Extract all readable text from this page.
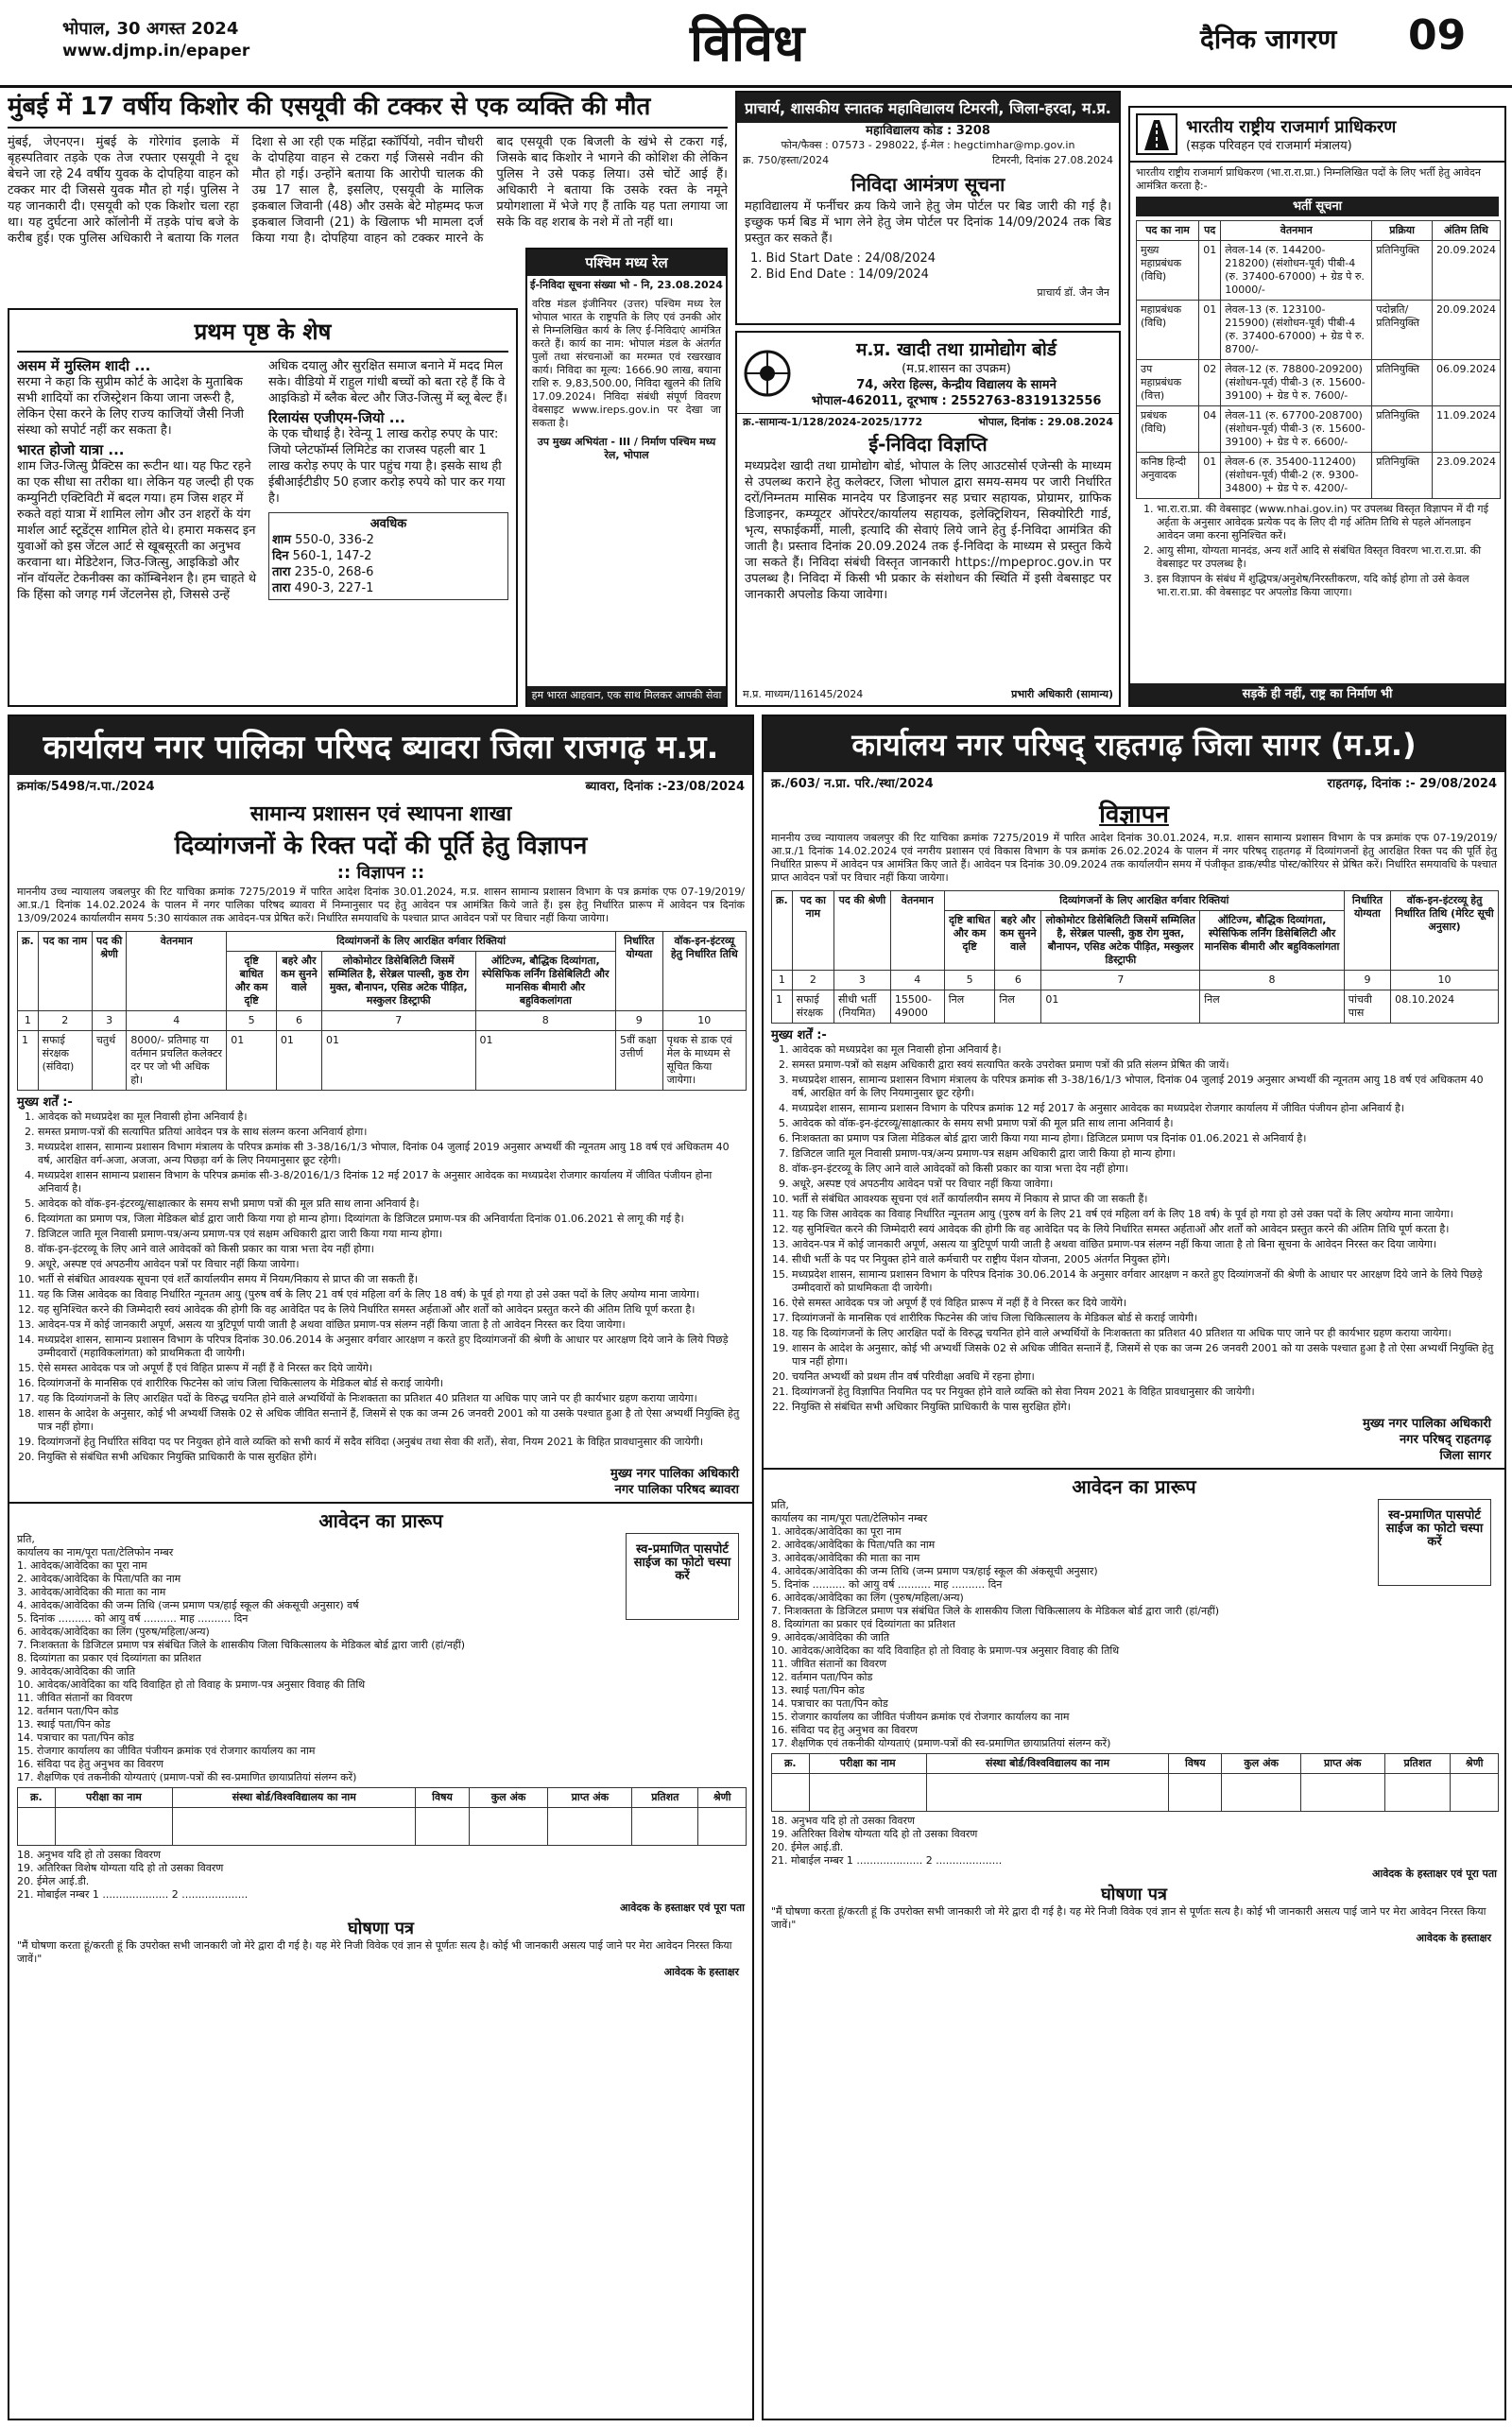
भोपाल, 30 अगस्त 2024
www.djmp.in/epaper	विविध	दैनिक जागरण 09
मुंबई में 17 वर्षीय किशोर की एसयूवी की टक्कर से एक व्यक्ति की मौत
मुंबई, जेएनएन। मुंबई के गोरेगांव इलाके में बृहस्पतिवार तड़के एक तेज रफ्तार एसयूवी ने दूध बेचने जा रहे 24 वर्षीय युवक के दोपहिया वाहन को टक्कर मार दी जिससे युवक मौत हो गई। पुलिस ने यह जानकारी दी। एसयूवी को एक किशोर चला रहा था। यह दुर्घटना आरे कॉलोनी में तड़के पांच बजे के करीब हुई। एक पुलिस अधिकारी ने बताया कि गलत दिशा से आ रही एक महिंद्रा स्कॉर्पियो, नवीन चौधरी के दोपहिया वाहन से टकरा गई जिससे नवीन की मौत हो गई। उन्होंने बताया कि आरोपी चालक की उम्र 17 साल है, इसलिए, एसयूवी के मालिक इकबाल जिवानी (48) और उसके बेटे मोहम्मद फज इकबाल जिवानी (21) के खिलाफ भी मामला दर्ज किया गया है। दोपहिया वाहन को टक्कर मारने के बाद एसयूवी एक बिजली के खंभे से टकरा गई, जिसके बाद किशोर ने भागने की कोशिश की लेकिन पुलिस ने उसे पकड़ लिया। उसे चोटें आई हैं। अधिकारी ने बताया कि उसके रक्त के नमूने प्रयोगशाला में भेजे गए हैं ताकि यह पता लगाया जा सके कि वह शराब के नशे में तो नहीं था।
प्रथम पृष्ठ के शेष
असम में मुस्लिम शादी ...
सरमा ने कहा कि सुप्रीम कोर्ट के आदेश के मुताबिक सभी शादियों का रजिस्ट्रेशन किया जाना जरूरी है, लेकिन ऐसा करने के लिए राज्य काजियों जैसी निजी संस्था को सपोर्ट नहीं कर सकता है।
भारत होजो यात्रा ...
शाम जिउ-जित्सु प्रैक्टिस का रूटीन था। यह फिट रहने का एक सीधा सा तरीका था। लेकिन यह जल्दी ही एक कम्युनिटी एक्टिविटी में बदल गया। हम जिस शहर में रुकते वहां यात्रा में शामिल लोग और उन शहरों के यंग मार्शल आर्ट स्टूडेंट्स शामिल होते थे। हमारा मकसद इन युवाओं को इस जेंटल आर्ट से खूबसूरती का अनुभव करवाना था। मेडिटेशन, जिउ-जित्सु, आइकिडो और नॉन वॉयलेंट टेकनीक्स का कॉम्बिनेशन है। हम चाहते थे कि हिंसा को जगह गर्म जेंटलनेस हो, जिससे उन्हें अधिक दयालु और सुरक्षित समाज बनाने में मदद मिल सके। वीडियो में राहुल गांधी बच्चों को बता रहे हैं कि वे आइकिडो में ब्लैक बेल्ट और जिउ-जित्सु में ब्लू बेल्ट हैं।
रिलायंस एजीएम-जियो ...
के एक चौथाई है। रेवेन्यू 1 लाख करोड़ रुपए के पार: जियो प्लेटफॉर्म्स लिमिटेड का राजस्व पहली बार 1 लाख करोड़ रुपए के पार पहुंच गया है। इसके साथ ही ईबीआईटीडीए 50 हजार करोड़ रुपये को पार कर गया है।
अवधिक
शाम 550-0, 336-2
दिन 560-1, 147-2
तारा 235-0, 268-6
तारा 490-3, 227-1
पश्चिम मध्य रेल
ई-निविदा सूचना संख्या भो - नि, 23.08.2024
वरिष्ठ मंडल इंजीनियर (उत्तर) पश्चिम मध्य रेल भोपाल भारत के राष्ट्रपति के लिए एवं उनकी ओर से निम्नलिखित कार्य के लिए ई-निविदाएं आमंत्रित करते हैं। कार्य का नाम: भोपाल मंडल के अंतर्गत पुलों तथा संरचनाओं का मरम्मत एवं रखरखाव कार्य। निविदा का मूल्य: 1666.90 लाख, बयाना राशि रु. 9,83,500.00, निविदा खुलने की तिथि 17.09.2024। निविदा संबंधी संपूर्ण विवरण वेबसाइट www.ireps.gov.in पर देखा जा सकता है।
उप मुख्य अभियंता - III / निर्माण पश्चिम मध्य रेल, भोपाल
हम भारत आहवान, एक साथ मिलकर आपकी सेवा
प्राचार्य, शासकीय स्नातक महाविद्यालय टिमरनी, जिला-हरदा, म.प्र.
महाविद्यालय कोड : 3208
फोन/फैक्स : 07573 - 298022, ई-मेल : hegctimhar@mp.gov.in
क्र. 750/हस्ता/2024	टिमरनी, दिनांक 27.08.2024
निविदा आमंत्रण सूचना
महाविद्यालय में फर्नीचर क्रय किये जाने हेतु जेम पोर्टल पर बिड जारी की गई है। इच्छुक फर्म बिड में भाग लेने हेतु जेम पोर्टल पर दिनांक 14/09/2024 तक बिड प्रस्तुत कर सकते हैं।
1. Bid Start Date : 24/08/2024
2. Bid End Date : 14/09/2024
प्राचार्य डॉ. जैन जैन
म.प्र. खादी तथा ग्रामोद्योग बोर्ड
(म.प्र.शासन का उपक्रम)
74, अरेरा हिल्स, केन्द्रीय विद्यालय के सामने
भोपाल-462011, दूरभाष : 2552763-8319132556
क्र.-सामान्य-1/128/2024-2025/1772	भोपाल, दिनांक : 29.08.2024
ई-निविदा विज्ञप्ति
मध्यप्रदेश खादी तथा ग्रामोद्योग बोर्ड, भोपाल के लिए आउटसोर्स एजेन्सी के माध्यम से उपलब्ध कराने हेतु कलेक्टर, जिला भोपाल द्वारा समय-समय पर जारी निर्धारित दरों/निम्नतम मासिक मानदेय पर डिजाइनर सह प्रचार सहायक, प्रोग्रामर, ग्राफिक डिजाइनर, कम्प्यूटर ऑपरेटर/कार्यालय सहायक, इलेक्ट्रिशियन, सिक्योरिटी गार्ड, भृत्य, सफाईकर्मी, माली, इत्यादि की सेवाएं लिये जाने हेतु ई-निविदा आमंत्रित की जाती है। प्रस्ताव दिनांक 20.09.2024 तक ई-निविदा के माध्यम से प्रस्तुत किये जा सकते हैं। निविदा संबंधी विस्तृत जानकारी https://mpeproc.gov.in पर उपलब्ध है। निविदा में किसी भी प्रकार के संशोधन की स्थिति में इसी वेबसाइट पर जानकारी अपलोड किया जावेगा।
म.प्र. माध्यम/116145/2024	प्रभारी अधिकारी (सामान्य)
भारतीय राष्ट्रीय राजमार्ग प्राधिकरण
(सड़क परिवहन एवं राजमार्ग मंत्रालय)
भारतीय राष्ट्रीय राजमार्ग प्राधिकरण (भा.रा.रा.प्रा.) निम्नलिखित पदों के लिए भर्ती हेतु आवेदन आमंत्रित करता है:-
भर्ती सूचना
पद का नाम	पद	वेतनमान	प्रक्रिया	अंतिम तिथि
मुख्य महाप्रबंधक (विधि)	01	लेवल-14 (रु. 144200-218200) (संशोधन-पूर्व) पीबी-4 (रु. 37400-67000) + ग्रेड पे रु. 10000/-	प्रतिनियुक्ति	20.09.2024
महाप्रबंधक (विधि)	01	लेवल-13 (रु. 123100-215900) (संशोधन-पूर्व) पीबी-4 (रु. 37400-67000) + ग्रेड पे रु. 8700/-	पदोन्नति/प्रतिनियुक्ति	20.09.2024
उप महाप्रबंधक (वित्त)	02	लेवल-12 (रु. 78800-209200) (संशोधन-पूर्व) पीबी-3 (रु. 15600-39100) + ग्रेड पे रु. 7600/-	प्रतिनियुक्ति	06.09.2024
प्रबंधक (विधि)	04	लेवल-11 (रु. 67700-208700) (संशोधन-पूर्व) पीबी-3 (रु. 15600-39100) + ग्रेड पे रु. 6600/-	प्रतिनियुक्ति	11.09.2024
कनिष्ठ हिन्दी अनुवादक	01	लेवल-6 (रु. 35400-112400) (संशोधन-पूर्व) पीबी-2 (रु. 9300-34800) + ग्रेड पे रु. 4200/-	प्रतिनियुक्ति	23.09.2024
1. भा.रा.रा.प्रा. की वेबसाइट (www.nhai.gov.in) पर उपलब्ध विस्तृत विज्ञापन में दी गई अर्हता के अनुसार आवेदक प्रत्येक पद के लिए दी गई अंतिम तिथि से पहले ऑनलाइन आवेदन जमा करना सुनिश्चित करें।
2. आयु सीमा, योग्यता मानदंड, अन्य शर्तें आदि से संबंधित विस्तृत विवरण भा.रा.रा.प्रा. की वेबसाइट पर उपलब्ध है।
3. इस विज्ञापन के संबंध में शुद्धिपत्र/अनुशेष/निरस्तीकरण, यदि कोई होगा तो उसे केवल भा.रा.रा.प्रा. की वेबसाइट पर अपलोड किया जाएगा।
सड़कें ही नहीं, राष्ट्र का निर्माण भी
कार्यालय नगर पालिका परिषद ब्यावरा जिला राजगढ़ म.प्र.
क्रमांक/5498/न.पा./2024	ब्यावरा, दिनांक :-23/08/2024
सामान्य प्रशासन एवं स्थापना शाखा
दिव्यांगजनों के रिक्त पदों की पूर्ति हेतु विज्ञापन
:: विज्ञापन ::
माननीय उच्च न्यायालय जबलपुर की रिट याचिका क्रमांक 7275/2019 में पारित आदेश दिनांक 30.01.2024, म.प्र. शासन सामान्य प्रशासन विभाग के पत्र क्रमांक एफ 07-19/2019/आ.प्र./1 दिनांक 14.02.2024 के पालन में नगर पालिका परिषद ब्यावरा में निम्नानुसार पद हेतु आवेदन पत्र आमंत्रित किये जाते हैं। इस हेतु निर्धारित प्रारूप में आवेदन पत्र दिनांक 13/09/2024 कार्यालयीन समय 5:30 सायंकाल तक आवेदन-पत्र प्रेषित करें। निर्धारित समयावधि के पश्चात प्राप्त आवेदन पत्रों पर विचार नहीं किया जायेगा।
क्र.	पद का नाम	पद की श्रेणी	वेतनमान	दिव्यांगजनों के लिए आरक्षित वर्गवार रिक्तियां				निर्धारित योग्यता	वॉक-इन-इंटरव्यू हेतु निर्धारित तिथि
				दृष्टि बाधित और कम दृष्टि	बहरे और कम सुनने वाले	लोकोमोटर डिसेबिलिटी जिसमें सम्मिलित है, सेरेब्रल पाल्सी, कुष्ठ रोग मुक्त, बौनापन, एसिड अटेक पीड़ित, मस्कुलर डिस्ट्राफी	ऑटिज्म, बौद्धिक दिव्यांगता, स्पेसिफिक लर्निंग डिसेबिलिटी और मानसिक बीमारी और बहुविकलांगता		
1	2	3	4	5	6	7	8	9	10
1	सफाई संरक्षक (संविदा)	चतुर्थ	8000/- प्रतिमाह या वर्तमान प्रचलित कलेक्टर दर पर जो भी अधिक हो।	01	01	01	01	5वीं कक्षा उत्तीर्ण	पृथक से डाक एवं मेल के माध्यम से सूचित किया जायेगा।
मुख्य शर्तें :-
1. आवेदक को मध्यप्रदेश का मूल निवासी होना अनिवार्य है।
2. समस्त प्रमाण-पत्रों की सत्यापित प्रतियां आवेदन पत्र के साथ संलग्न करना अनिवार्य होगा।
3. मध्यप्रदेश शासन, सामान्य प्रशासन विभाग मंत्रालय के परिपत्र क्रमांक सी 3-38/16/1/3 भोपाल, दिनांक 04 जुलाई 2019 अनुसार अभ्यर्थी की न्यूनतम आयु 18 वर्ष एवं अधिकतम 40 वर्ष, आरक्षित वर्ग-अजा, अजजा, अन्य पिछड़ा वर्ग के लिए नियमानुसार छूट रहेगी।
4. मध्यप्रदेश शासन सामान्य प्रशासन विभाग के परिपत्र क्रमांक सी-3-8/2016/1/3 दिनांक 12 मई 2017 के अनुसार आवेदक का मध्यप्रदेश रोजगार कार्यालय में जीवित पंजीयन होना अनिवार्य है।
5. आवेदक को वॉक-इन-इंटरव्यू/साक्षात्कार के समय सभी प्रमाण पत्रों की मूल प्रति साथ लाना अनिवार्य है।
6. दिव्यांगता का प्रमाण पत्र, जिला मेडिकल बोर्ड द्वारा जारी किया गया हो मान्य होगा। दिव्यांगता के डिजिटल प्रमाण-पत्र की अनिवार्यता दिनांक 01.06.2021 से लागू की गई है।
7. डिजिटल जाति मूल निवासी प्रमाण-पत्र/अन्य प्रमाण-पत्र एवं सक्षम अधिकारी द्वारा जारी किया गया मान्य होगा।
8. वॉक-इन-इंटरव्यू के लिए आने वाले आवेदकों को किसी प्रकार का यात्रा भत्ता देय नहीं होगा।
9. अधूरे, अस्पष्ट एवं अपठनीय आवेदन पत्रों पर विचार नहीं किया जायेगा।
10. भर्ती से संबंधित आवश्यक सूचना एवं शर्तें कार्यालयीन समय में नियम/निकाय से प्राप्त की जा सकती हैं।
11. यह कि जिस आवेदक का विवाह निर्धारित न्यूनतम आयु (पुरुष वर्ष के लिए 21 वर्ष एवं महिला वर्ग के लिए 18 वर्ष) के पूर्व हो गया हो उसे उक्त पदों के लिए अयोग्य माना जायेगा।
12. यह सुनिश्चित करने की जिम्मेदारी स्वयं आवेदक की होगी कि वह आवेदित पद के लिये निर्धारित समस्त अर्हताओं और शर्तों को आवेदन प्रस्तुत करने की अंतिम तिथि पूर्ण करता है।
13. आवेदन-पत्र में कोई जानकारी अपूर्ण, असत्य या त्रुटिपूर्ण पायी जाती है अथवा वांछित प्रमाण-पत्र संलग्न नहीं किया जाता है तो आवेदन निरस्त कर दिया जायेगा।
14. मध्यप्रदेश शासन, सामान्य प्रशासन विभाग के परिपत्र दिनांक 30.06.2014 के अनुसार वर्गवार आरक्षण न करते हुए दिव्यांगजनों की श्रेणी के आधार पर आरक्षण दिये जाने के लिये पिछड़े उम्मीदवारों (महाविकलांगता) को प्राथमिकता दी जायेगी।
15. ऐसे समस्त आवेदक पत्र जो अपूर्ण हैं एवं विहित प्रारूप में नहीं हैं वे निरस्त कर दिये जायेंगे।
16. दिव्यांगजनों के मानसिक एवं शारीरिक फिटनेस को जांच जिला चिकित्सालय के मेडिकल बोर्ड से कराई जायेगी।
17. यह कि दिव्यांगजनों के लिए आरक्षित पदों के विरुद्ध चयनित होने वाले अभ्यर्थियों के निःशक्तता का प्रतिशत 40 प्रतिशत या अधिक पाए जाने पर ही कार्यभार ग्रहण कराया जायेगा।
18. शासन के आदेश के अनुसार, कोई भी अभ्यर्थी जिसके 02 से अधिक जीवित सन्तानें हैं, जिसमें से एक का जन्म 26 जनवरी 2001 को या उसके पश्चात हुआ है तो ऐसा अभ्यर्थी नियुक्ति हेतु पात्र नहीं होगा।
19. दिव्यांगजनों हेतु निर्धारित संविदा पद पर नियुक्त होने वाले व्यक्ति को सभी कार्य में सदैव संविदा (अनुबंध तथा सेवा की शर्तें), सेवा, नियम 2021 के विहित प्रावधानुसार की जायेगी।
20. नियुक्ति से संबंधित सभी अधिकार नियुक्ति प्राधिकारी के पास सुरक्षित होंगे।
मुख्य नगर पालिका अधिकारी
नगर पालिका परिषद ब्यावरा
आवेदन का प्रारूप
स्व-प्रमाणित पासपोर्ट साईज का फोटो चस्पा करें
प्रति,
कार्यालय का नाम/पूरा पता/टेलिफोन नम्बर
1. आवेदक/आवेदिका का पूरा नाम
2. आवेदक/आवेदिका के पिता/पति का नाम
3. आवेदक/आवेदिका की माता का नाम
4. आवेदक/आवेदिका की जन्म तिथि (जन्म प्रमाण पत्र/हाई स्कूल की अंकसूची अनुसार) वर्ष
5. दिनांक .......... को आयु वर्ष .......... माह .......... दिन
6. आवेदक/आवेदिका का लिंग (पुरुष/महिला/अन्य)
7. निःशक्तता के डिजिटल प्रमाण पत्र संबंधित जिले के शासकीय जिला चिकित्सालय के मेडिकल बोर्ड द्वारा जारी (हां/नहीं)
8. दिव्यांगता का प्रकार एवं दिव्यांगता का प्रतिशत
9. आवेदक/आवेदिका की जाति
10. आवेदक/आवेदिका का यदि विवाहित हो तो विवाह के प्रमाण-पत्र अनुसार विवाह की तिथि
11. जीवित संतानों का विवरण
12. वर्तमान पता/पिन कोड
13. स्थाई पता/पिन कोड
14. पत्राचार का पता/पिन कोड
15. रोजगार कार्यालय का जीवित पंजीयन क्रमांक एवं रोजगार कार्यालय का नाम
16. संविदा पद हेतु अनुभव का विवरण
17. शैक्षणिक एवं तकनीकी योग्यताएं (प्रमाण-पत्रों की स्व-प्रमाणित छायाप्रतियां संलग्न करें)
क्र.	परीक्षा का नाम	संस्था बोर्ड/विश्वविद्यालय का नाम	विषय	कुल अंक	प्राप्त अंक	प्रतिशत	श्रेणी

18. अनुभव यदि हो तो उसका विवरण
19. अतिरिक्त विशेष योग्यता यदि हो तो उसका विवरण
20. ईमेल आई.डी.
21. मोबाईल नम्बर 1 .................... 2 ....................
आवेदक के हस्ताक्षर एवं पूरा पता
घोषणा पत्र
"मैं घोषणा करता हूं/करती हूं कि उपरोक्त सभी जानकारी जो मेरे द्वारा दी गई है। यह मेरे निजी विवेक एवं ज्ञान से पूर्णतः सत्य है। कोई भी जानकारी असत्य पाई जाने पर मेरा आवेदन निरस्त किया जावें।"
आवेदक के हस्ताक्षर
कार्यालय नगर परिषद् राहतगढ़ जिला सागर (म.प्र.)
क्र./603/ न.प्रा. परि./स्था/2024	राहतगढ़, दिनांक :- 29/08/2024
विज्ञापन
माननीय उच्च न्यायालय जबलपुर की रिट याचिका क्रमांक 7275/2019 में पारित आदेश दिनांक 30.01.2024, म.प्र. शासन सामान्य प्रशासन विभाग के पत्र क्रमांक एफ 07-19/2019/आ.प्र./1 दिनांक 14.02.2024 एवं नगरीय प्रशासन एवं विकास विभाग के पत्र क्रमांक 26.02.2024 के पालन में नगर परिषद् राहतगढ़ में दिव्यांगजनों हेतु आरक्षित रिक्त पद की पूर्ति हेतु निर्धारित प्रारूप में आवेदन पत्र आमंत्रित किए जाते हैं। आवेदन पत्र दिनांक 30.09.2024 तक कार्यालयीन समय में पंजीकृत डाक/स्पीड पोस्ट/कोरियर से प्रेषित करें। निर्धारित समयावधि के पश्चात प्राप्त आवेदन पत्रों पर विचार नहीं किया जायेगा।
क्र.	पद का नाम	पद की श्रेणी	वेतनमान	दिव्यांगजनों के लिए आरक्षित वर्गवार रिक्तियां				निर्धारित योग्यता	वॉक-इन-इंटरव्यू हेतु निर्धारित तिथि (मेरिट सूची अनुसार)
				दृष्टि बाधित और कम दृष्टि	बहरे और कम सुनने वाले	लोकोमोटर डिसेबिलिटी जिसमें सम्मिलित है, सेरेब्रल पाल्सी, कुष्ठ रोग मुक्त, बौनापन, एसिड अटेक पीड़ित, मस्कुलर डिस्ट्राफी	ऑटिज्म, बौद्धिक दिव्यांगता, स्पेसिफिक लर्निंग डिसेबिलिटी और मानसिक बीमारी और बहुविकलांगता		
1	2	3	4	5	6	7	8	9	10
1	सफाई संरक्षक	सीधी भर्ती (नियमित)	15500-49000	निल	निल	01	निल	पांचवी पास	08.10.2024
मुख्य शर्तें :-
1. आवेदक को मध्यप्रदेश का मूल निवासी होना अनिवार्य है।
2. समस्त प्रमाण-पत्रों को सक्षम अधिकारी द्वारा स्वयं सत्यापित करके उपरोक्त प्रमाण पत्रों की प्रति संलग्न प्रेषित की जायें।
3. मध्यप्रदेश शासन, सामान्य प्रशासन विभाग मंत्रालय के परिपत्र क्रमांक सी 3-38/16/1/3 भोपाल, दिनांक 04 जुलाई 2019 अनुसार अभ्यर्थी की न्यूनतम आयु 18 वर्ष एवं अधिकतम 40 वर्ष, आरक्षित वर्ग के लिए नियमानुसार छूट रहेगी।
4. मध्यप्रदेश शासन, सामान्य प्रशासन विभाग के परिपत्र क्रमांक 12 मई 2017 के अनुसार आवेदक का मध्यप्रदेश रोजगार कार्यालय में जीवित पंजीयन होना अनिवार्य है।
5. आवेदक को वॉक-इन-इंटरव्यू/साक्षात्कार के समय सभी प्रमाण पत्रों की मूल प्रति साथ लाना अनिवार्य है।
6. निःशक्तता का प्रमाण पत्र जिला मेडिकल बोर्ड द्वारा जारी किया गया मान्य होगा। डिजिटल प्रमाण पत्र दिनांक 01.06.2021 से अनिवार्य है।
7. डिजिटल जाति मूल निवासी प्रमाण-पत्र/अन्य प्रमाण-पत्र सक्षम अधिकारी द्वारा जारी किया हो मान्य होगा।
8. वॉक-इन-इंटरव्यू के लिए आने वाले आवेदकों को किसी प्रकार का यात्रा भत्ता देय नहीं होगा।
9. अधूरे, अस्पष्ट एवं अपठनीय आवेदन पत्रों पर विचार नहीं किया जावेगा।
10. भर्ती से संबंधित आवश्यक सूचना एवं शर्तें कार्यालयीन समय में निकाय से प्राप्त की जा सकती हैं।
11. यह कि जिस आवेदक का विवाह निर्धारित न्यूनतम आयु (पुरुष वर्ग के लिए 21 वर्ष एवं महिला वर्ग के लिए 18 वर्ष) के पूर्व हो गया हो उसे उक्त पदों के लिए अयोग्य माना जायेगा।
12. यह सुनिश्चित करने की जिम्मेदारी स्वयं आवेदक की होगी कि वह आवेदित पद के लिये निर्धारित समस्त अर्हताओं और शर्तों को आवेदन प्रस्तुत करने की अंतिम तिथि पूर्ण करता है।
13. आवेदन-पत्र में कोई जानकारी अपूर्ण, असत्य या त्रुटिपूर्ण पायी जाती है अथवा वांछित प्रमाण-पत्र संलग्न नहीं किया जाता है तो बिना सूचना के आवेदन निरस्त कर दिया जायेगा।
14. सीधी भर्ती के पद पर नियुक्त होने वाले कर्मचारी पर राष्ट्रीय पेंशन योजना, 2005 अंतर्गत नियुक्त होंगे।
15. मध्यप्रदेश शासन, सामान्य प्रशासन विभाग के परिपत्र दिनांक 30.06.2014 के अनुसार वर्गवार आरक्षण न करते हुए दिव्यांगजनों की श्रेणी के आधार पर आरक्षण दिये जाने के लिये पिछड़े उम्मीदवारों को प्राथमिकता दी जायेगी।
16. ऐसे समस्त आवेदक पत्र जो अपूर्ण हैं एवं विहित प्रारूप में नहीं हैं वे निरस्त कर दिये जायेंगे।
17. दिव्यांगजनों के मानसिक एवं शारीरिक फिटनेस की जांच जिला चिकित्सालय के मेडिकल बोर्ड से कराई जायेगी।
18. यह कि दिव्यांगजनों के लिए आरक्षित पदों के विरुद्ध चयनित होने वाले अभ्यर्थियों के निःशक्तता का प्रतिशत 40 प्रतिशत या अधिक पाए जाने पर ही कार्यभार ग्रहण कराया जायेगा।
19. शासन के आदेश के अनुसार, कोई भी अभ्यर्थी जिसके 02 से अधिक जीवित सन्तानें हैं, जिसमें से एक का जन्म 26 जनवरी 2001 को या उसके पश्चात हुआ है तो ऐसा अभ्यर्थी नियुक्ति हेतु पात्र नहीं होगा।
20. चयनित अभ्यर्थी को प्रथम तीन वर्ष परिवीक्षा अवधि में रहना होगा।
21. दिव्यांगजनों हेतु विज्ञापित नियमित पद पर नियुक्त होने वाले व्यक्ति को सेवा नियम 2021 के विहित प्रावधानुसार की जायेगी।
22. नियुक्ति से संबंधित सभी अधिकार नियुक्ति प्राधिकारी के पास सुरक्षित होंगे।
मुख्य नगर पालिका अधिकारी
नगर परिषद् राहतगढ़
जिला सागर
आवेदन का प्रारूप
स्व-प्रमाणित पासपोर्ट साईज का फोटो चस्पा करें
प्रति,
कार्यालय का नाम/पूरा पता/टेलिफोन नम्बर
1. आवेदक/आवेदिका का पूरा नाम
2. आवेदक/आवेदिका के पिता/पति का नाम
3. आवेदक/आवेदिका की माता का नाम
4. आवेदक/आवेदिका की जन्म तिथि (जन्म प्रमाण पत्र/हाई स्कूल की अंकसूची अनुसार)
5. दिनांक .......... को आयु वर्ष .......... माह .......... दिन
6. आवेदक/आवेदिका का लिंग (पुरुष/महिला/अन्य)
7. निःशक्तता के डिजिटल प्रमाण पत्र संबंधित जिले के शासकीय जिला चिकित्सालय के मेडिकल बोर्ड द्वारा जारी (हां/नहीं)
8. दिव्यांगता का प्रकार एवं दिव्यांगता का प्रतिशत
9. आवेदक/आवेदिका की जाति
10. आवेदक/आवेदिका का यदि विवाहित हो तो विवाह के प्रमाण-पत्र अनुसार विवाह की तिथि
11. जीवित संतानों का विवरण
12. वर्तमान पता/पिन कोड
13. स्थाई पता/पिन कोड
14. पत्राचार का पता/पिन कोड
15. रोजगार कार्यालय का जीवित पंजीयन क्रमांक एवं रोजगार कार्यालय का नाम
16. संविदा पद हेतु अनुभव का विवरण
17. शैक्षणिक एवं तकनीकी योग्यताएं (प्रमाण-पत्रों की स्व-प्रमाणित छायाप्रतियां संलग्न करें)
क्र.	परीक्षा का नाम	संस्था बोर्ड/विश्वविद्यालय का नाम	विषय	कुल अंक	प्राप्त अंक	प्रतिशत	श्रेणी

18. अनुभव यदि हो तो उसका विवरण
19. अतिरिक्त विशेष योग्यता यदि हो तो उसका विवरण
20. ईमेल आई.डी.
21. मोबाईल नम्बर 1 .................... 2 ....................
आवेदक के हस्ताक्षर एवं पूरा पता
घोषणा पत्र
"मैं घोषणा करता हूं/करती हूं कि उपरोक्त सभी जानकारी जो मेरे द्वारा दी गई है। यह मेरे निजी विवेक एवं ज्ञान से पूर्णतः सत्य है। कोई भी जानकारी असत्य पाई जाने पर मेरा आवेदन निरस्त किया जावें।"
आवेदक के हस्ताक्षर
